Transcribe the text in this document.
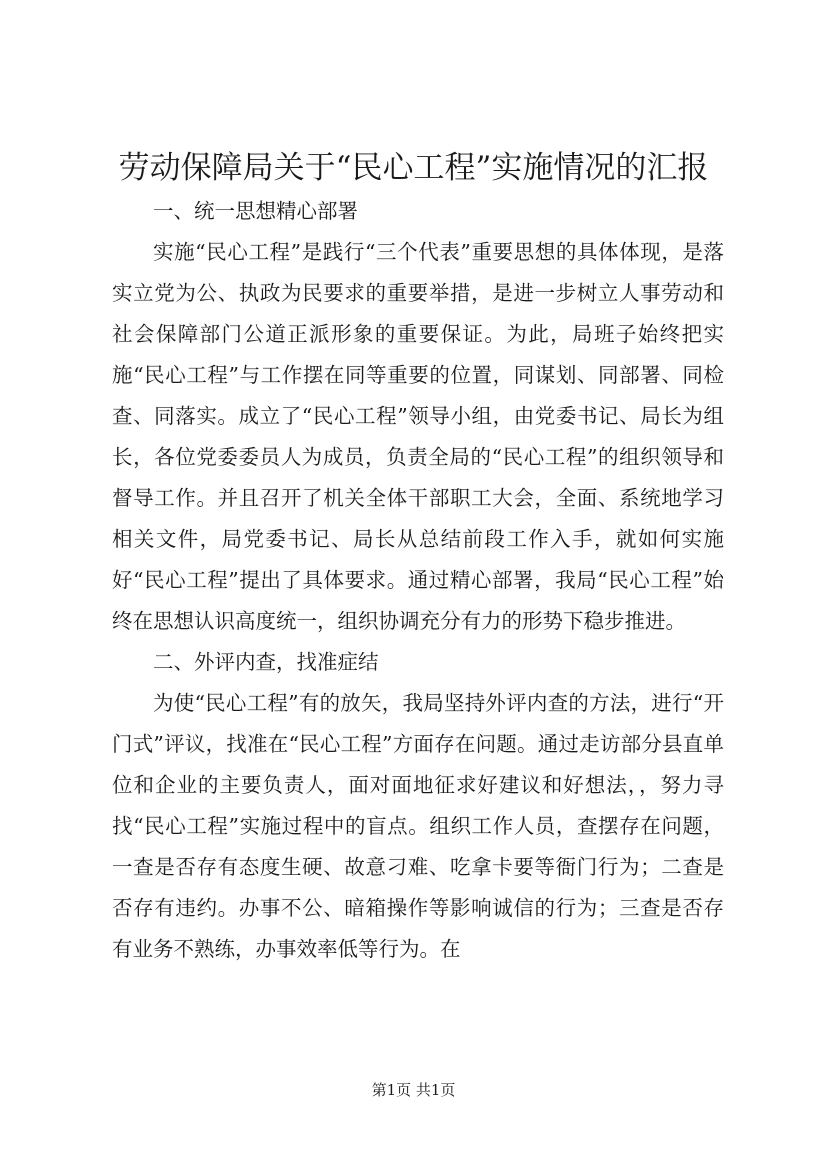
劳动保障局关于“民心工程”实施情况的汇报

一、统一思想精心部署

实施“民心工程”是践行“三个代表”重要思想的具体体现，是落实立党为公、执政为民要求的重要举措，是进一步树立人事劳动和社会保障部门公道正派形象的重要保证。为此，局班子始终把实施“民心工程”与工作摆在同等重要的位置，同谋划、同部署、同检查、同落实。成立了“民心工程”领导小组，由党委书记、局长为组长，各位党委委员人为成员，负责全局的“民心工程”的组织领导和督导工作。并且召开了机关全体干部职工大会，全面、系统地学习相关文件，局党委书记、局长从总结前段工作入手，就如何实施好“民心工程”提出了具体要求。通过精心部署，我局“民心工程”始终在思想认识高度统一，组织协调充分有力的形势下稳步推进。

二、外评内查，找准症结

为使“民心工程”有的放矢，我局坚持外评内查的方法，进行“开门式”评议，找准在“民心工程”方面存在问题。通过走访部分县直单位和企业的主要负责人，面对面地征求好建议和好想法，，努力寻找“民心工程”实施过程中的盲点。组织工作人员，查摆存在问题，一查是否存有态度生硬、故意刁难、吃拿卡要等衙门行为；二查是否存有违约。办事不公、暗箱操作等影响诚信的行为；三查是否存有业务不熟练，办事效率低等行为。在

第1页 共1页
